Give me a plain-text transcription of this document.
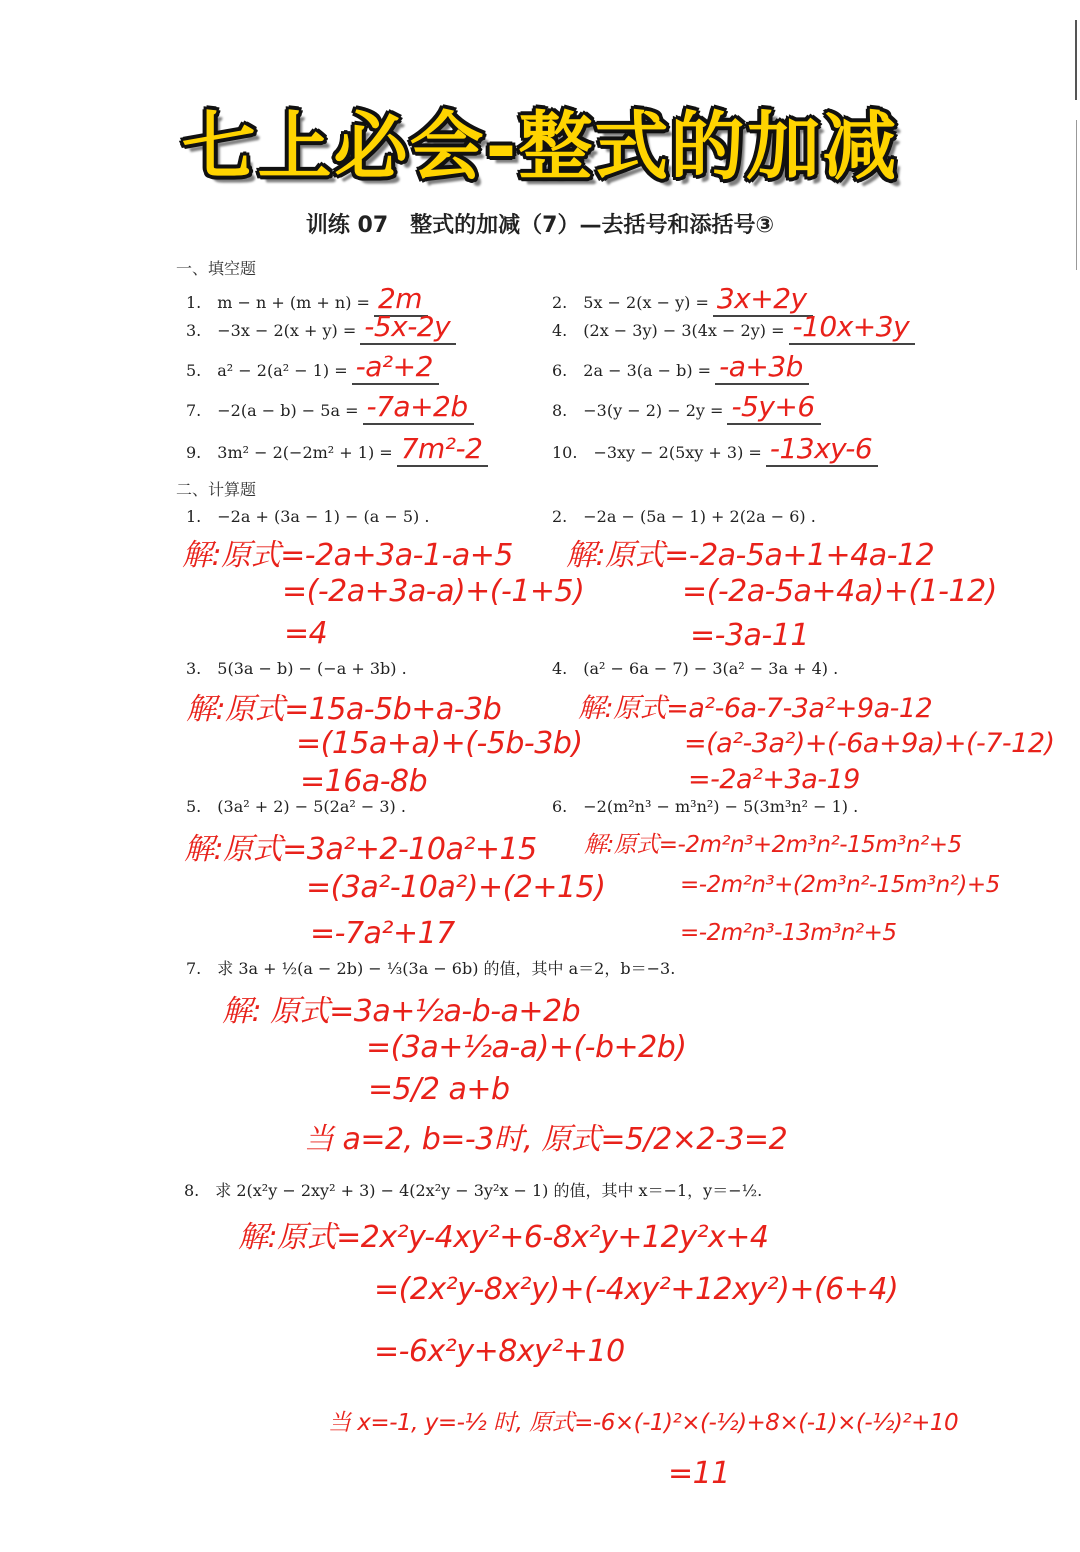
七上必会-整式的加减
训练 07　整式的加减（7）—去括号和添括号③
一、填空题
1.　m − n + (m + n) = 2m	2.　5x − 2(x − y) = 3x+2y
3.　−3x − 2(x + y) = -5x-2y	4.　(2x − 3y) − 3(4x − 2y) = -10x+3y
5.　a² − 2(a² − 1) = -a²+2	6.　2a − 3(a − b) = -a+3b
7.　−2(a − b) − 5a = -7a+2b	8.　−3(y − 2) − 2y = -5y+6
9.　3m² − 2(−2m² + 1) = 7m²-2	10.　−3xy − 2(5xy + 3) = -13xy-6
二、计算题
1.　−2a + (3a − 1) − (a − 5) .
解:原式=-2a+3a-1-a+5
=(-2a+3a-a)+(-1+5)
=4
2.　−2a − (5a − 1) + 2(2a − 6) .
解:原式=-2a-5a+1+4a-12
=(-2a-5a+4a)+(1-12)
=-3a-11
3.　5(3a − b) − (−a + 3b) .
解:原式=15a-5b+a-3b
=(15a+a)+(-5b-3b)
=16a-8b
4.　(a² − 6a − 7) − 3(a² − 3a + 4) .
解:原式=a²-6a-7-3a²+9a-12
=(a²-3a²)+(-6a+9a)+(-7-12)
=-2a²+3a-19
5.　(3a² + 2) − 5(2a² − 3) .
解:原式=3a²+2-10a²+15
=(3a²-10a²)+(2+15)
=-7a²+17
6.　−2(m²n³ − m³n²) − 5(3m³n² − 1) .
解:原式=-2m²n³+2m³n²-15m³n²+5
=-2m²n³+(2m³n²-15m³n²)+5
=-2m²n³-13m³n²+5
7.　求 3a + ½(a − 2b) − ⅓(3a − 6b) 的值，其中 a＝2，b＝−3.
解: 原式=3a+½a-b-a+2b
=(3a+½a-a)+(-b+2b)
=5/2 a+b
当 a=2, b=-3时, 原式=5/2×2-3=2
8.　求 2(x²y − 2xy² + 3) − 4(2x²y − 3y²x − 1) 的值，其中 x＝−1，y＝−½.
解:原式=2x²y-4xy²+6-8x²y+12y²x+4
=(2x²y-8x²y)+(-4xy²+12xy²)+(6+4)
=-6x²y+8xy²+10
当 x=-1, y=-½ 时, 原式=-6×(-1)²×(-½)+8×(-1)×(-½)²+10
=11
